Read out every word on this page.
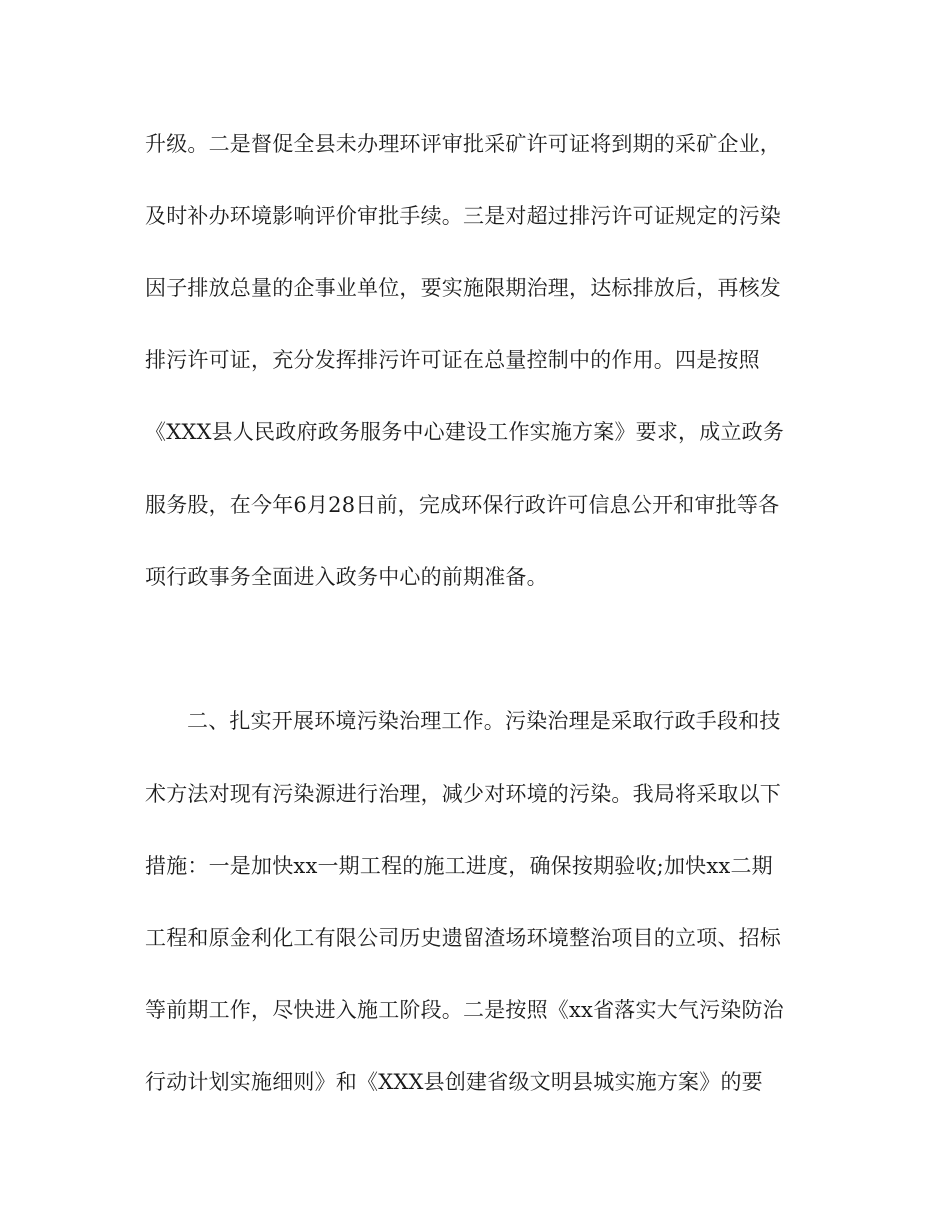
升级。二是督促全县未办理环评审批采矿许可证将到期的采矿企业，
及时补办环境影响评价审批手续。三是对超过排污许可证规定的污染
因子排放总量的企事业单位，要实施限期治理，达标排放后，再核发
排污许可证，充分发挥排污许可证在总量控制中的作用。四是按照
《XXX县人民政府政务服务中心建设工作实施方案》要求，成立政务
服务股，在今年6月28日前，完成环保行政许可信息公开和审批等各
项行政事务全面进入政务中心的前期准备。
二、扎实开展环境污染治理工作。污染治理是采取行政手段和技
术方法对现有污染源进行治理，减少对环境的污染。我局将采取以下
措施：一是加快xx一期工程的施工进度，确保按期验收;加快xx二期
工程和原金利化工有限公司历史遗留渣场环境整治项目的立项、招标
等前期工作，尽快进入施工阶段。二是按照《xx省落实大气污染防治
行动计划实施细则》和《XXX县创建省级文明县城实施方案》的要
